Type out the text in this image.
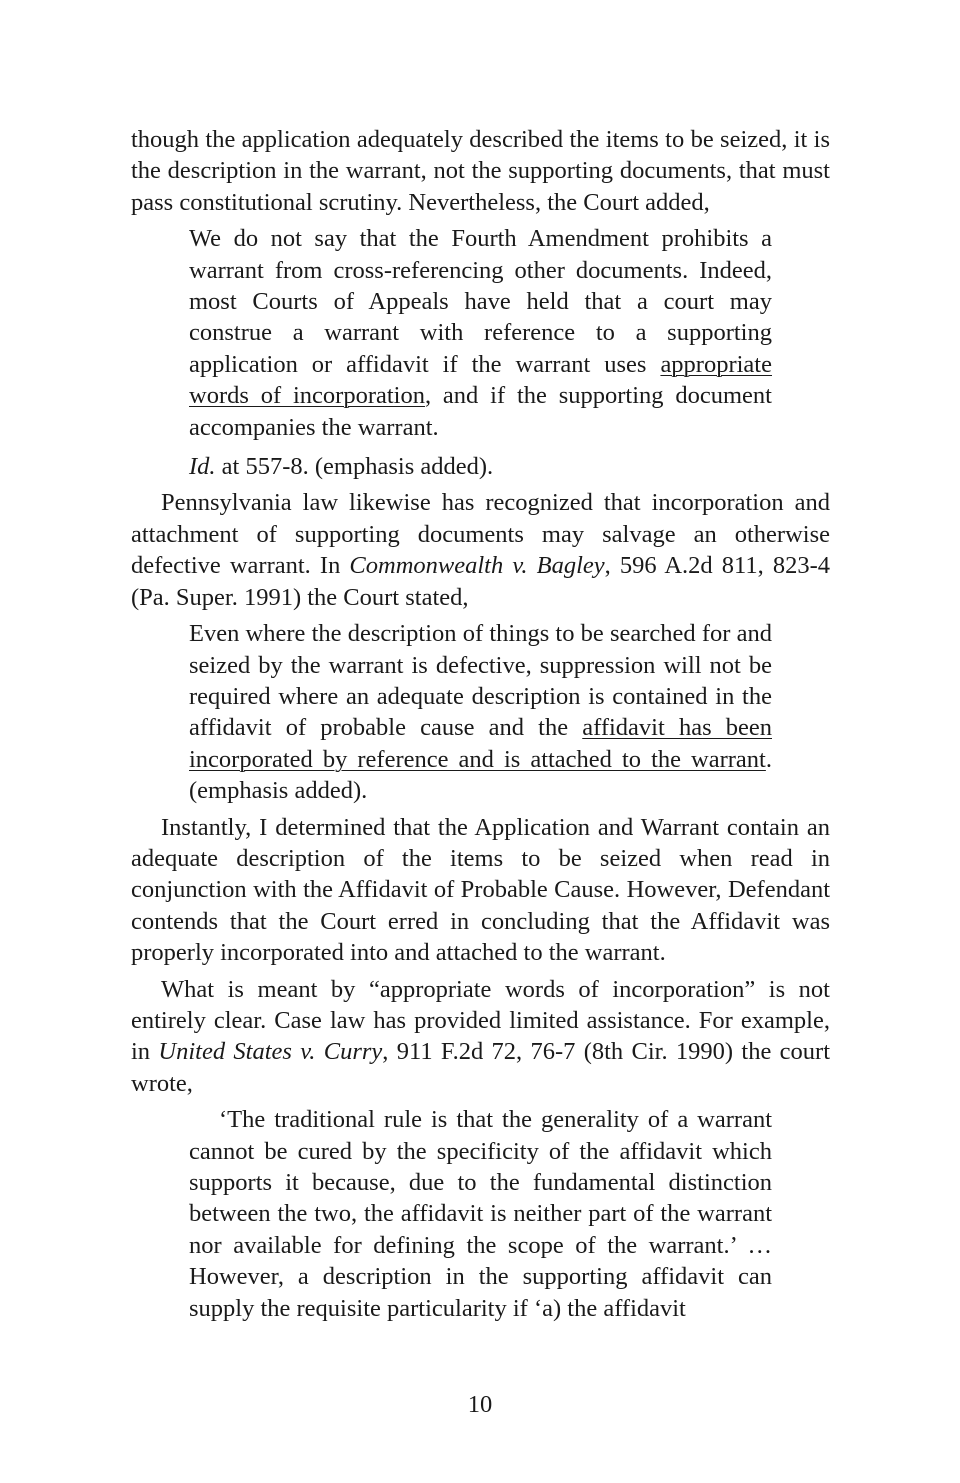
though the application adequately described the items to be seized, it is the description in the warrant, not the supporting documents, that must pass constitutional scrutiny. Nevertheless, the Court added,

We do not say that the Fourth Amendment prohibits a warrant from cross-referencing other documents. Indeed, most Courts of Appeals have held that a court may construe a warrant with reference to a supporting application or affidavit if the warrant uses appropriate words of incorporation, and if the supporting document accompanies the warrant.

Id. at 557-8. (emphasis added).

Pennsylvania law likewise has recognized that incorporation and attachment of supporting documents may salvage an otherwise defective warrant. In Commonwealth v. Bagley, 596 A.2d 811, 823-4 (Pa. Super. 1991) the Court stated,

Even where the description of things to be searched for and seized by the warrant is defective, suppression will not be required where an adequate description is contained in the affidavit of probable cause and the affidavit has been incorporated by reference and is attached to the warrant. (emphasis added).

Instantly, I determined that the Application and Warrant contain an adequate description of the items to be seized when read in conjunction with the Affidavit of Probable Cause. However, Defendant contends that the Court erred in concluding that the Affidavit was properly incorporated into and attached to the warrant.

What is meant by “appropriate words of incorporation” is not entirely clear. Case law has provided limited assistance. For example, in United States v. Curry, 911 F.2d 72, 76-7 (8th Cir. 1990) the court wrote,

‘The traditional rule is that the generality of a warrant cannot be cured by the specificity of the affidavit which supports it because, due to the fundamental distinction between the two, the affidavit is neither part of the warrant nor available for defining the scope of the warrant.’ … However, a description in the supporting affidavit can supply the requisite particularity if ‘a) the affidavit

10
